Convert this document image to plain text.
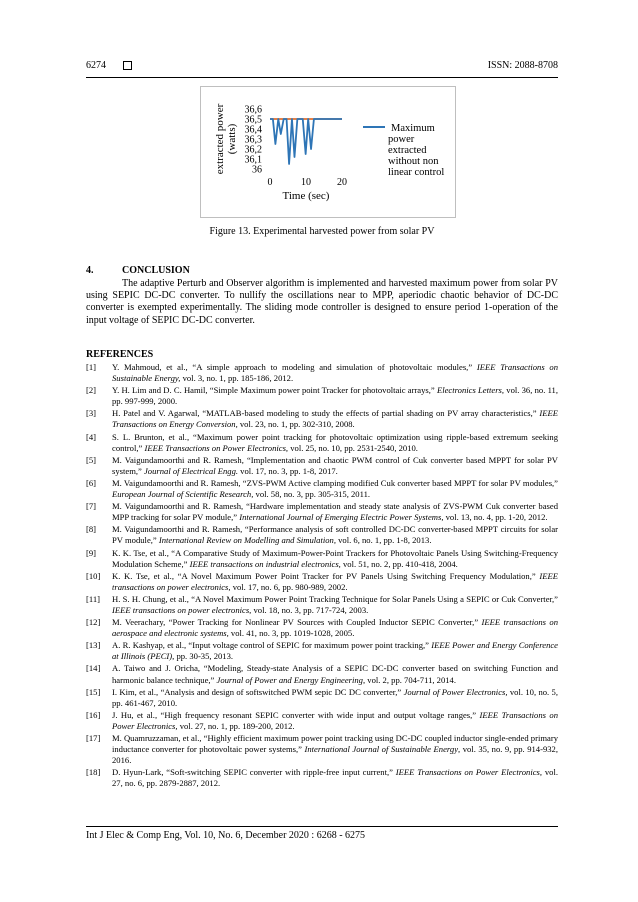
6274	ISSN: 2088-8708
extracted power (watts)
36,6
36,5
36,4
36,3
36,2
36,1
36
0	10	20
Maximum
power
extracted
without non
linear control
Time (sec)
Figure 13. Experimental harvested power from solar PV
4.	CONCLUSION
The adaptive Perturb and Observer algorithm is implemented and harvested maximum power from solar PV using SEPIC DC-DC converter. To nullify the oscillations near to MPP, aperiodic chaotic behavior of DC-DC converter is exempted experimentally. The sliding mode controller is designed to ensure period 1-operation of the input voltage of SEPIC DC-DC converter.
REFERENCES
[1] Y. Mahmoud, et al., “A simple approach to modeling and simulation of photovoltaic modules,” IEEE Transactions on Sustainable Energy, vol. 3, no. 1, pp. 185-186, 2012.
[2] Y. H. Lim and D. C. Hamil, “Simple Maximum power point Tracker for photovoltaic arrays,” Electronics Letters, vol. 36, no. 11, pp. 997-999, 2000.
[3] H. Patel and V. Agarwal, “MATLAB-based modeling to study the effects of partial shading on PV array characteristics,” IEEE Transactions on Energy Conversion, vol. 23, no. 1, pp. 302-310, 2008.
[4] S. L. Brunton, et al., “Maximum power point tracking for photovoltaic optimization using ripple-based extremum seeking control,” IEEE Transactions on Power Electronics, vol. 25, no. 10, pp. 2531-2540, 2010.
[5] M. Vaigundamoorthi and R. Ramesh, “Implementation and chaotic PWM control of Cuk converter based MPPT for solar PV system,” Journal of Electrical Engg. vol. 17, no. 3, pp. 1-8, 2017.
[6] M. Vaigundamoorthi and R. Ramesh, “ZVS-PWM Active clamping modified Cuk converter based MPPT for solar PV modules,” European Journal of Scientific Research, vol. 58, no. 3, pp. 305-315, 2011.
[7] M. Vaigundamoorthi and R. Ramesh, “Hardware implementation and steady state analysis of ZVS-PWM Cuk converter based MPP tracking for solar PV module,” International Journal of Emerging Electric Power Systems, vol. 13, no. 4, pp. 1-20, 2012.
[8] M. Vaigundamoorthi and R. Ramesh, “Performance analysis of soft controlled DC-DC converter-based MPPT circuits for solar PV module,” International Review on Modelling and Simulation, vol. 6, no. 1, pp. 1-8, 2013.
[9] K. K. Tse, et al., “A Comparative Study of Maximum-Power-Point Trackers for Photovoltaic Panels Using Switching-Frequency Modulation Scheme,” IEEE transactions on industrial electronics, vol. 51, no. 2, pp. 410-418, 2004.
[10] K. K. Tse, et al., “A Novel Maximum Power Point Tracker for PV Panels Using Switching Frequency Modulation,” IEEE transactions on power electronics, vol. 17, no. 6, pp. 980-989, 2002.
[11] H. S. H. Chung, et al., “A Novel Maximum Power Point Tracking Technique for Solar Panels Using a SEPIC or Cuk Converter,” IEEE transactions on power electronics, vol. 18, no. 3, pp. 717-724, 2003.
[12] M. Veerachary, “Power Tracking for Nonlinear PV Sources with Coupled Inductor SEPIC Converter,” IEEE transactions on aerospace and electronic systems, vol. 41, no. 3, pp. 1019-1028, 2005.
[13] A. R. Kashyap, et al., “Input voltage control of SEPIC for maximum power point tracking,” IEEE Power and Energy Conference at Illinois (PECI), pp. 30-35, 2013.
[14] A. Taiwo and J. Oricha, “Modeling, Steady-state Analysis of a SEPIC DC-DC converter based on switching Function and harmonic balance technique,” Journal of Power and Energy Engineering, vol. 2, pp. 704-711, 2014.
[15] I. Kim, et al., “Analysis and design of softswitched PWM sepic DC DC converter,” Journal of Power Electronics, vol. 10, no. 5, pp. 461-467, 2010.
[16] J. Hu, et al., “High frequency resonant SEPIC converter with wide input and output voltage ranges,” IEEE Transactions on Power Electronics, vol. 27, no. 1, pp. 189-200, 2012.
[17] M. Quamruzzaman, et al., “Highly efficient maximum power point tracking using DC-DC coupled inductor single-ended primary inductance converter for photovoltaic power systems,” International Journal of Sustainable Energy, vol. 35, no. 9, pp. 914-932, 2016.
[18] D. Hyun-Lark, “Soft-switching SEPIC converter with ripple-free input current,” IEEE Transactions on Power Electronics, vol. 27, no. 6, pp. 2879-2887, 2012.
Int J Elec & Comp Eng, Vol. 10, No. 6, December 2020 : 6268 - 6275
